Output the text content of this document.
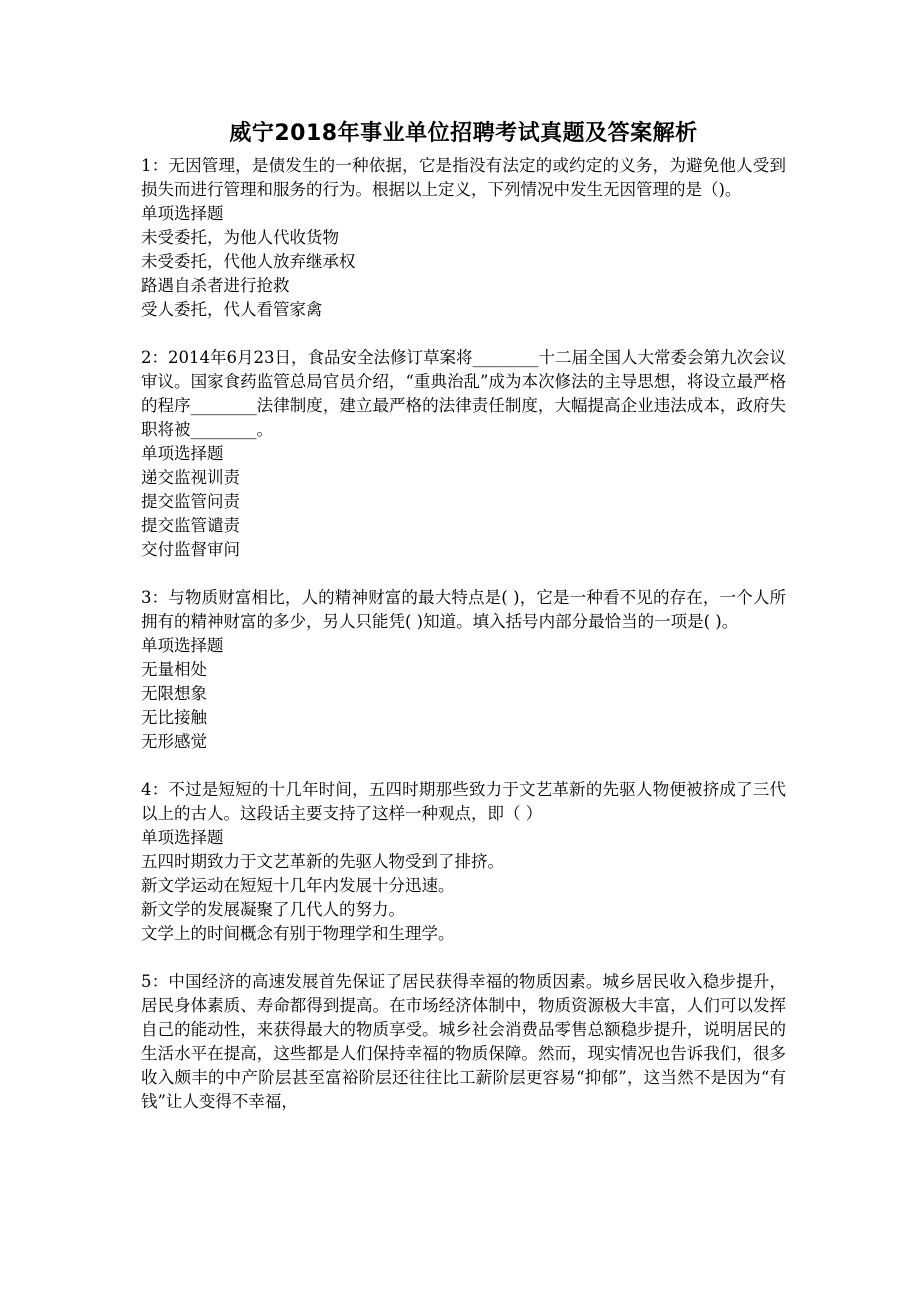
威宁2018年事业单位招聘考试真题及答案解析
1：无因管理，是债发生的一种依据，它是指没有法定的或约定的义务，为避免他人受到损失而进行管理和服务的行为。根据以上定义，下列情况中发生无因管理的是（)。
单项选择题
未受委托，为他人代收货物
未受委托，代他人放弃继承权
路遇自杀者进行抢救
受人委托，代人看管家禽
2：2014年6月23日，食品安全法修订草案将________十二届全国人大常委会第九次会议审议。国家食药监管总局官员介绍，“重典治乱”成为本次修法的主导思想，将设立最严格的程序________法律制度，建立最严格的法律责任制度，大幅提高企业违法成本，政府失职将被________。
单项选择题
递交监视训责
提交监管问责
提交监管谴责
交付监督审问
3：与物质财富相比，人的精神财富的最大特点是( )，它是一种看不见的存在，一个人所拥有的精神财富的多少，另人只能凭( )知道。填入括号内部分最恰当的一项是( )。
单项选择题
无量相处
无限想象
无比接触
无形感觉
4：不过是短短的十几年时间，五四时期那些致力于文艺革新的先驱人物便被挤成了三代以上的古人。这段话主要支持了这样一种观点，即（ ）
单项选择题
五四时期致力于文艺革新的先驱人物受到了排挤。
新文学运动在短短十几年内发展十分迅速。
新文学的发展凝聚了几代人的努力。
文学上的时间概念有别于物理学和生理学。
5：中国经济的高速发展首先保证了居民获得幸福的物质因素。城乡居民收入稳步提升，居民身体素质、寿命都得到提高。在市场经济体制中，物质资源极大丰富，人们可以发挥自己的能动性，来获得最大的物质享受。城乡社会消费品零售总额稳步提升，说明居民的生活水平在提高，这些都是人们保持幸福的物质保障。然而，现实情况也告诉我们，很多收入颇丰的中产阶层甚至富裕阶层还往往比工薪阶层更容易“抑郁”，这当然不是因为“有钱”让人变得不幸福，
